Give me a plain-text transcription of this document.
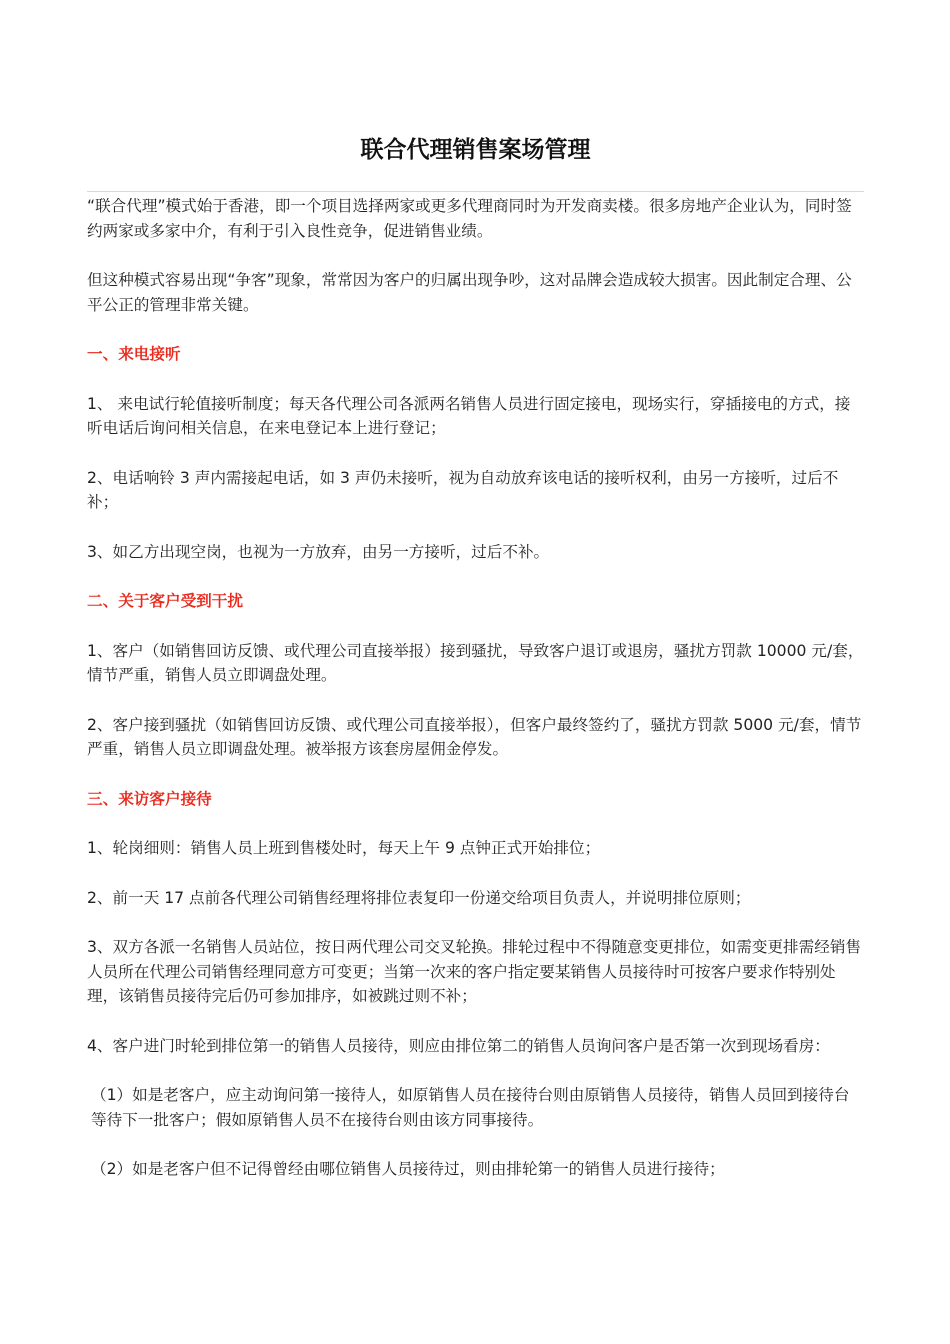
联合代理销售案场管理

“联合代理”模式始于香港，即一个项目选择两家或更多代理商同时为开发商卖楼。很多房地产企业认为，同时签约两家或多家中介，有利于引入良性竞争，促进销售业绩。

但这种模式容易出现“争客”现象，常常因为客户的归属出现争吵，这对品牌会造成较大损害。因此制定合理、公平公正的管理非常关键。

一、来电接听

1、 来电试行轮值接听制度；每天各代理公司各派两名销售人员进行固定接电，现场实行，穿插接电的方式，接听电话后询问相关信息，在来电登记本上进行登记；

2、电话响铃 3 声内需接起电话，如 3 声仍未接听，视为自动放弃该电话的接听权利，由另一方接听，过后不补；

3、如乙方出现空岗，也视为一方放弃，由另一方接听，过后不补。

二、关于客户受到干扰

1、客户（如销售回访反馈、或代理公司直接举报）接到骚扰，导致客户退订或退房，骚扰方罚款 10000 元/套，情节严重，销售人员立即调盘处理。

2、客户接到骚扰（如销售回访反馈、或代理公司直接举报），但客户最终签约了，骚扰方罚款 5000 元/套，情节严重，销售人员立即调盘处理。被举报方该套房屋佣金停发。

三、来访客户接待

1、轮岗细则：销售人员上班到售楼处时，每天上午 9 点钟正式开始排位；

2、前一天 17 点前各代理公司销售经理将排位表复印一份递交给项目负责人，并说明排位原则；

3、双方各派一名销售人员站位，按日两代理公司交叉轮换。排轮过程中不得随意变更排位，如需变更排需经销售人员所在代理公司销售经理同意方可变更；当第一次来的客户指定要某销售人员接待时可按客户要求作特别处理，该销售员接待完后仍可参加排序，如被跳过则不补；

4、客户进门时轮到排位第一的销售人员接待，则应由排位第二的销售人员询问客户是否第一次到现场看房：

（1）如是老客户，应主动询问第一接待人，如原销售人员在接待台则由原销售人员接待，销售人员回到接待台等待下一批客户；假如原销售人员不在接待台则由该方同事接待。

（2）如是老客户但不记得曾经由哪位销售人员接待过，则由排轮第一的销售人员进行接待；
